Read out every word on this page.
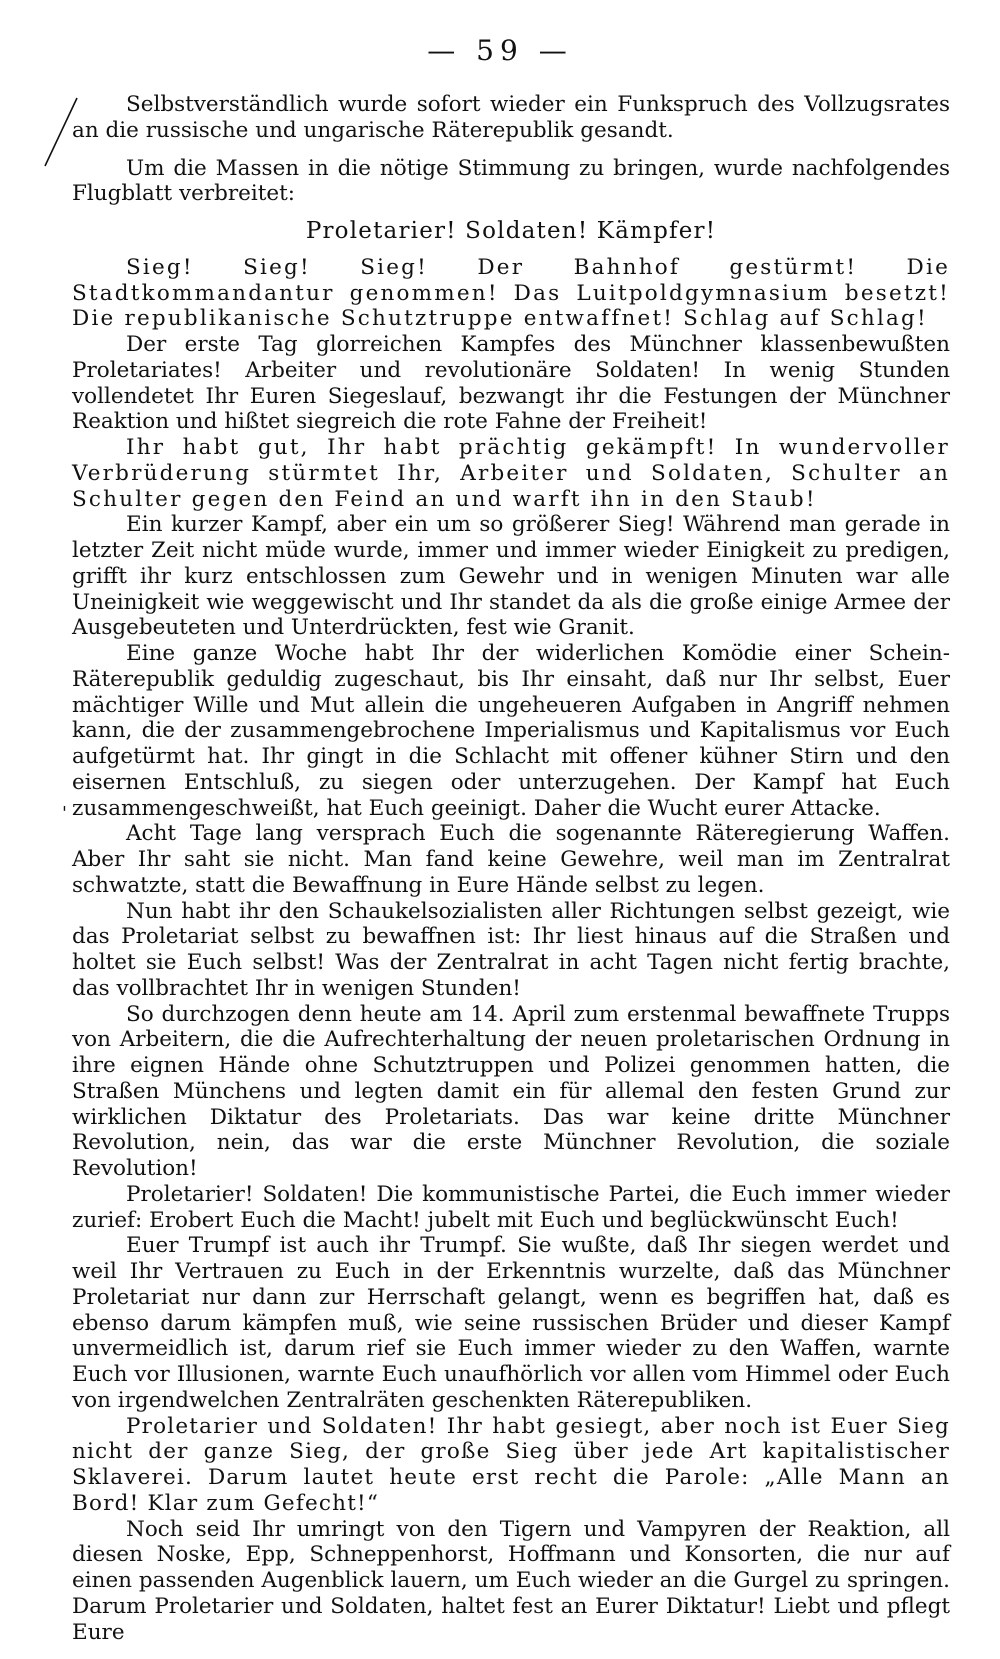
— 59 —
'

Selbstverständlich wurde sofort wieder ein Funkspruch des Vollzugsrates an die russische und ungarische Räterepublik gesandt.

Um die Massen in die nötige Stimmung zu bringen, wurde nachfolgendes Flugblatt verbreitet:

Proletarier! Soldaten! Kämpfer!

Sieg! Sieg! Sieg! Der Bahnhof gestürmt! Die Stadtkommandantur genommen! Das Luitpoldgymnasium besetzt! Die republikanische Schutztruppe entwaffnet! Schlag auf Schlag!

Der erste Tag glorreichen Kampfes des Münchner klassenbewußten Proletariates! Arbeiter und revolutionäre Soldaten! In wenig Stunden vollendetet Ihr Euren Siegeslauf, bezwangt ihr die Festungen der Münchner Reaktion und hißtet siegreich die rote Fahne der Freiheit!

Ihr habt gut, Ihr habt prächtig gekämpft! In wundervoller Verbrüderung stürmtet Ihr, Arbeiter und Soldaten, Schulter an Schulter gegen den Feind an und warft ihn in den Staub!

Ein kurzer Kampf, aber ein um so größerer Sieg! Während man gerade in letzter Zeit nicht müde wurde, immer und immer wieder Einigkeit zu predigen, grifft ihr kurz entschlossen zum Gewehr und in wenigen Minuten war alle Uneinigkeit wie weggewischt und Ihr standet da als die große einige Armee der Ausgebeuteten und Unterdrückten, fest wie Granit.

Eine ganze Woche habt Ihr der widerlichen Komödie einer Schein-Räterepublik geduldig zugeschaut, bis Ihr einsaht, daß nur Ihr selbst, Euer mächtiger Wille und Mut allein die ungeheueren Aufgaben in Angriff nehmen kann, die der zusammengebrochene Imperialismus und Kapitalismus vor Euch aufgetürmt hat. Ihr gingt in die Schlacht mit offener kühner Stirn und den eisernen Entschluß, zu siegen oder unterzugehen. Der Kampf hat Euch zusammengeschweißt, hat Euch geeinigt. Daher die Wucht eurer Attacke.

Acht Tage lang versprach Euch die sogenannte Räteregierung Waffen. Aber Ihr saht sie nicht. Man fand keine Gewehre, weil man im Zentralrat schwatzte, statt die Bewaffnung in Eure Hände selbst zu legen.

Nun habt ihr den Schaukelsozialisten aller Richtungen selbst gezeigt, wie das Proletariat selbst zu bewaffnen ist: Ihr liest hinaus auf die Straßen und holtet sie Euch selbst! Was der Zentralrat in acht Tagen nicht fertig brachte, das vollbrachtet Ihr in wenigen Stunden!

So durchzogen denn heute am 14. April zum erstenmal bewaffnete Trupps von Arbeitern, die die Aufrechterhaltung der neuen proletarischen Ordnung in ihre eignen Hände ohne Schutztruppen und Polizei genommen hatten, die Straßen Münchens und legten damit ein für allemal den festen Grund zur wirklichen Diktatur des Proletariats. Das war keine dritte Münchner Revolution, nein, das war die erste Münchner Revolution, die soziale Revolution!

Proletarier! Soldaten! Die kommunistische Partei, die Euch immer wieder zurief: Erobert Euch die Macht! jubelt mit Euch und beglückwünscht Euch!

Euer Trumpf ist auch ihr Trumpf. Sie wußte, daß Ihr siegen werdet und weil Ihr Vertrauen zu Euch in der Erkenntnis wurzelte, daß das Münchner Proletariat nur dann zur Herrschaft gelangt, wenn es begriffen hat, daß es ebenso darum kämpfen muß, wie seine russischen Brüder und dieser Kampf unvermeidlich ist, darum rief sie Euch immer wieder zu den Waffen, warnte Euch vor Illusionen, warnte Euch unaufhörlich vor allen vom Himmel oder Euch von irgendwelchen Zentralräten geschenkten Räterepubliken.

Proletarier und Soldaten! Ihr habt gesiegt, aber noch ist Euer Sieg nicht der ganze Sieg, der große Sieg über jede Art kapitalistischer Sklaverei. Darum lautet heute erst recht die Parole: „Alle Mann an Bord! Klar zum Gefecht!“

Noch seid Ihr umringt von den Tigern und Vampyren der Reaktion, all diesen Noske, Epp, Schneppenhorst, Hoffmann und Konsorten, die nur auf einen passenden Augenblick lauern, um Euch wieder an die Gurgel zu springen. Darum Proletarier und Soldaten, haltet fest an Eurer Diktatur! Liebt und pflegt Eure
